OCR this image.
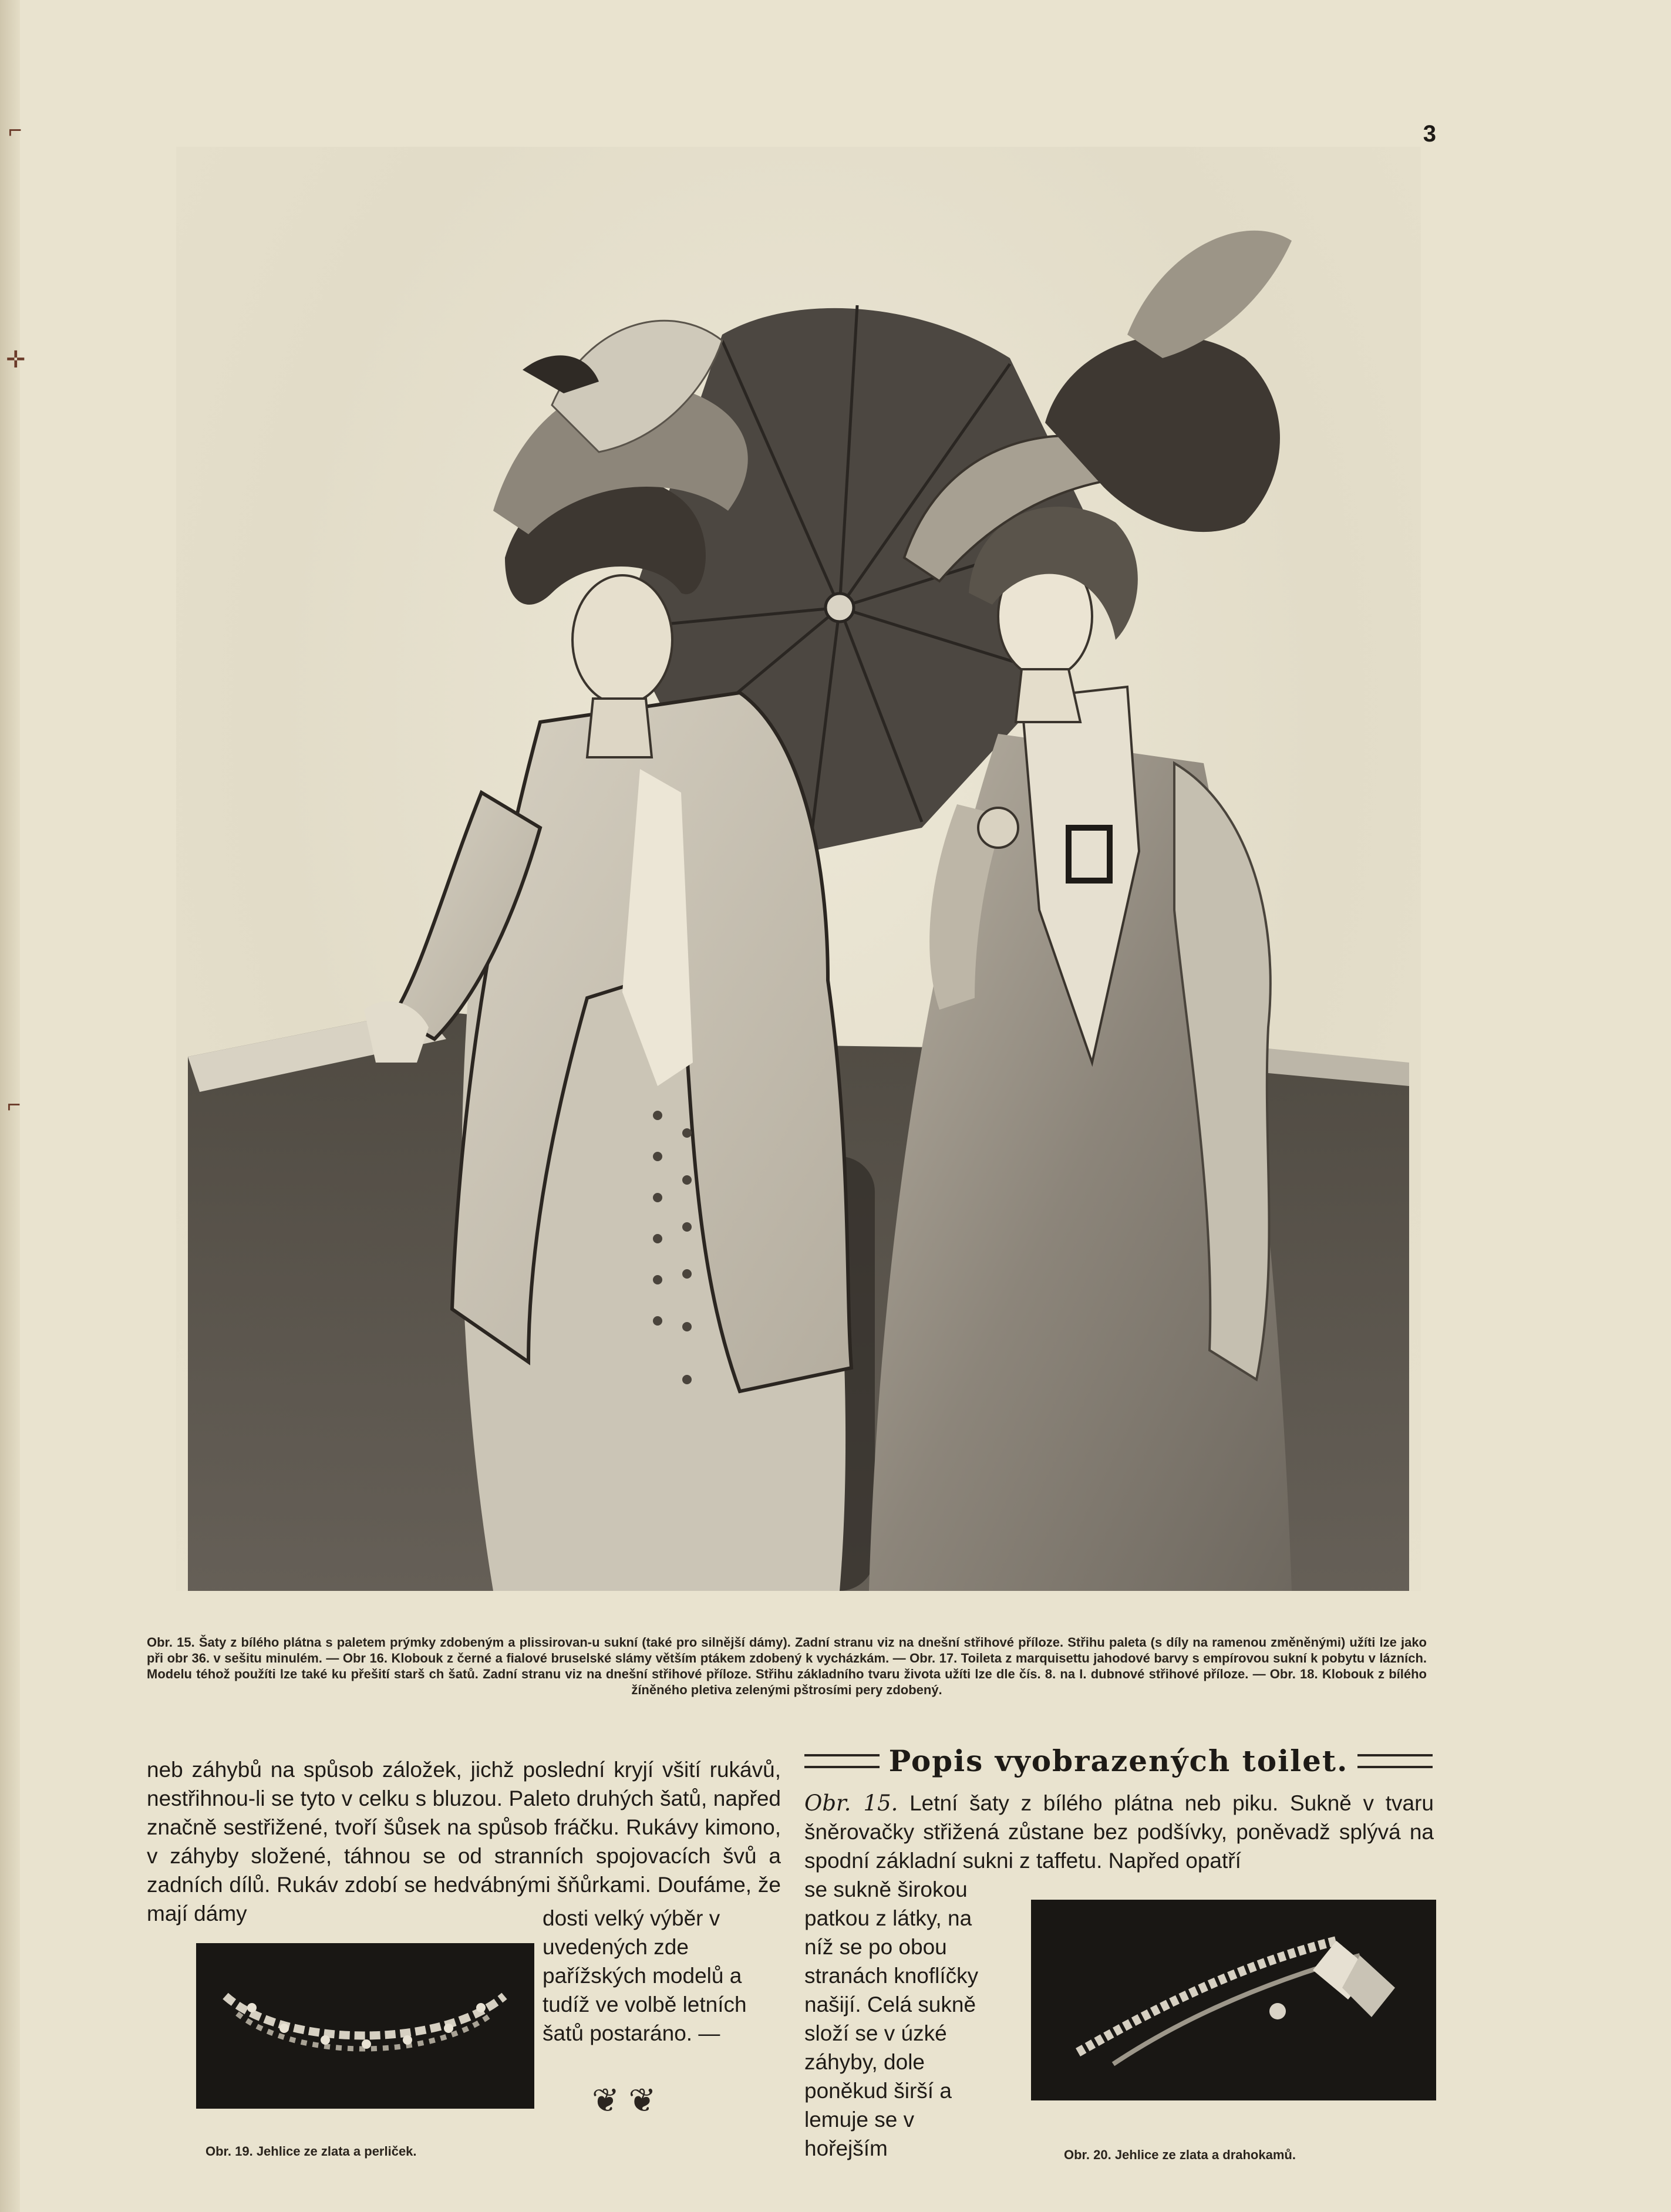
⌐
✛
⌐
3
Obr. 15. Šaty z bílého plátna s paletem prýmky zdobeným a plissirovan-u sukní (také pro silnější dámy). Zadní stranu viz na dnešní střihové příloze. Střihu paleta (s díly na ramenou změněnými) užíti lze jako při obr 36. v sešitu minulém. — Obr 16. Klobouk z černé a fialové bruselské slámy větším ptákem zdobený k vycházkám. — Obr. 17. Toileta z marquisettu jahodové barvy s empírovou sukní k pobytu v lázních. Modelu téhož použíti lze také ku přešití starš ch šatů. Zadní stranu viz na dnešní střihové příloze. Střihu základního tvaru života užíti lze dle čís. 8. na I. dubnové střihové příloze. — Obr. 18. Klobouk z bílého žíněného pletiva zelenými pštrosími pery zdobený.

neb záhybů na spůsob záložek, jichž poslední kryjí všití rukávů, nestřihnou-li se tyto v celku s bluzou. Paleto druhých šatů, napřed značně sestřižené, tvoří šůsek na spůsob fráčku. Rukávy kimono, v záhyby složené, táhnou se od stranních spojovacích švů a zadních dílů. Rukáv zdobí se hedvábnými šňůrkami. Doufáme, že mají dámy

Obr. 19. Jehlice ze zlata a perliček.

dosti velký výběr v uvedených zde pařížských modelů a tudíž ve volbě letních šatů postaráno. —

❦ ❦
Popis vyobrazených toilet.

Obr. 15. Letní šaty z bílého plátna neb piku. Sukně v tvaru šněrovačky střižená zůstane bez podšívky, poněvadž splývá na spodní základní sukni z taffetu. Napřed opatří

se sukně širokou patkou z látky, na níž se po obou stranách knoflíčky našijí. Celá sukně složí se v úzké záhyby, dole poněkud širší a lemuje se v hořejším	Obr. 20. Jehlice ze zlata a drahokamů.
